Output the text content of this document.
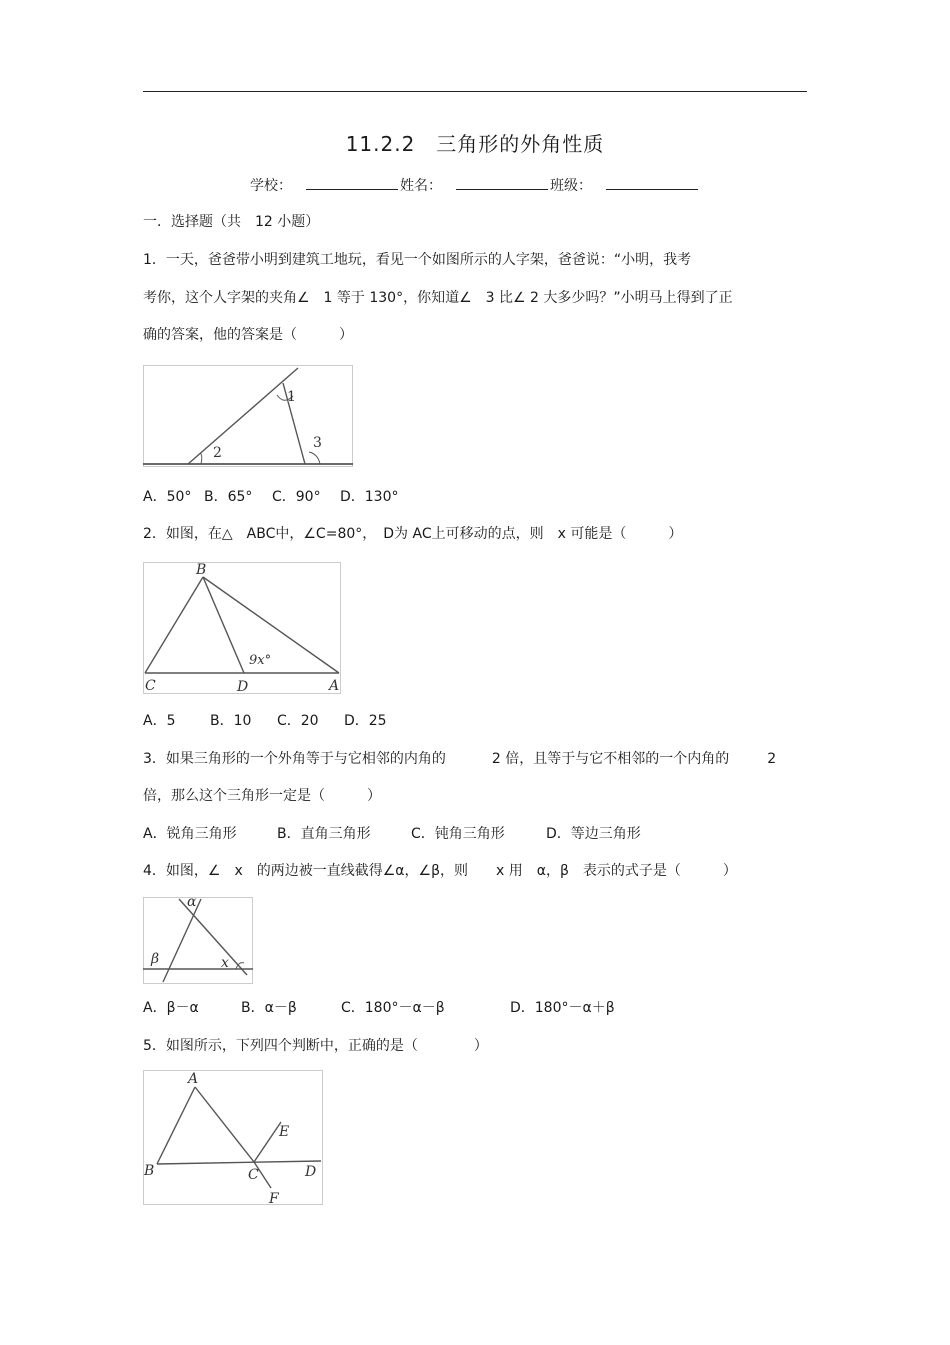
11.2.2　三角形的外角性质
学校：	姓名：	班级：
一．选择题（共　12 小题）
1．一天，爸爸带小明到建筑工地玩，看见一个如图所示的人字架，爸爸说：“小明，我考
考你，这个人字架的夹角∠　1 等于 130°，你知道∠　3 比∠ 2 大多少吗？”小明马上得到了正
确的答案，他的答案是（　　　）
1
2
3
A．50° B．65° C．90° D．130°
2．如图，在△　ABC中，∠C=80°，　D为 AC上可移动的点，则　x 可能是（　　　）
B
C	D	A
9x°
A．5 B．10 C．20 D．25
3．如果三角形的一个外角等于与它相邻的内角的	2 倍，且等于与它不相邻的一个内角的	2
倍，那么这个三角形一定是（　　　）
A．锐角三角形	B．直角三角形	C．钝角三角形	D．等边三角形
4．如图，∠　x　的两边被一直线截得∠α，∠β，则　　x 用　α，β　表示的式子是（　　　）
α
β	x
A．β－α	B．α－β	C．180°－α－β	D．180°－α＋β
5．如图所示，下列四个判断中，正确的是（　　　　）
A
E
B	C	D
F
